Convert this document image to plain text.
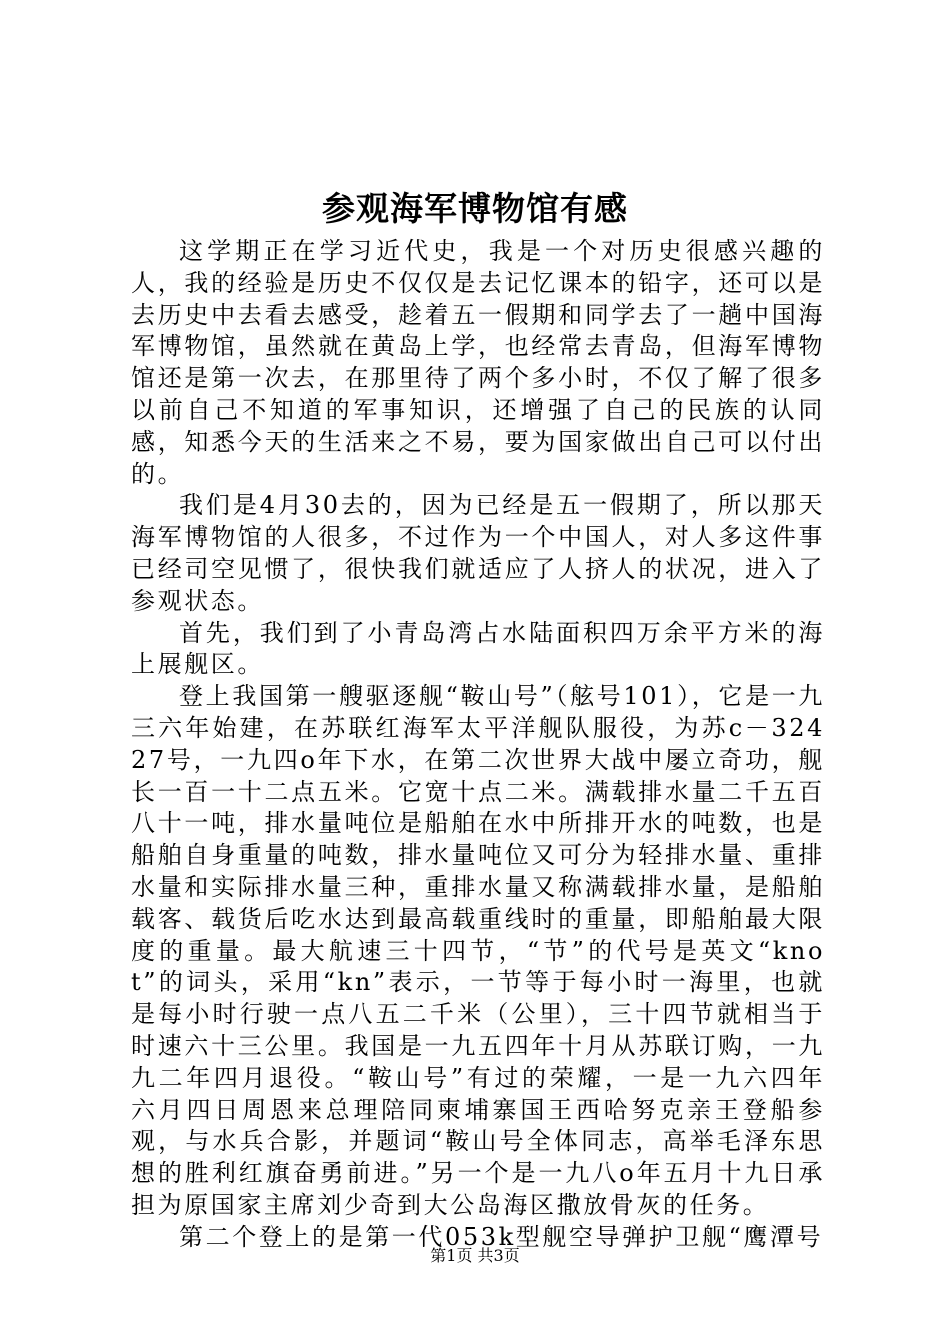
参观海军博物馆有感

这学期正在学习近代史，我是一个对历史很感兴趣的人，我的经验是历史不仅仅是去记忆课本的铅字，还可以是去历史中去看去感受，趁着五一假期和同学去了一趟中国海军博物馆，虽然就在黄岛上学，也经常去青岛，但海军博物馆还是第一次去，在那里待了两个多小时，不仅了解了很多以前自己不知道的军事知识，还增强了自己的民族的认同感，知悉今天的生活来之不易，要为国家做出自己可以付出的。

我们是4月30去的，因为已经是五一假期了，所以那天海军博物馆的人很多，不过作为一个中国人，对人多这件事已经司空见惯了，很快我们就适应了人挤人的状况，进入了参观状态。

首先，我们到了小青岛湾占水陆面积四万余平方米的海上展舰区。

登上我国第一艘驱逐舰“鞍山号”（舷号101），它是一九三六年始建，在苏联红海军太平洋舰队服役，为苏c－32427号，一九四o年下水，在第二次世界大战中屡立奇功，舰长一百一十二点五米。它宽十点二米。满载排水量二千五百八十一吨，排水量吨位是船舶在水中所排开水的吨数，也是船舶自身重量的吨数，排水量吨位又可分为轻排水量、重排水量和实际排水量三种，重排水量又称满载排水量，是船舶载客、载货后吃水达到最高载重线时的重量，即船舶最大限度的重量。最大航速三十四节，“节”的代号是英文“knot”的词头，采用“kn”表示，一节等于每小时一海里，也就是每小时行驶一点八五二千米（公里），三十四节就相当于时速六十三公里。我国是一九五四年十月从苏联订购，一九九二年四月退役。“鞍山号”有过的荣耀，一是一九六四年六月四日周恩来总理陪同柬埔寨国王西哈努克亲王登船参观，与水兵合影，并题词“鞍山号全体同志，高举毛泽东思想的胜利红旗奋勇前进。”另一个是一九八o年五月十九日承担为原国家主席刘少奇到大公岛海区撒放骨灰的任务。

第二个登上的是第一代053k型舰空导弹护卫舰“鹰潭号

第1页 共3页
